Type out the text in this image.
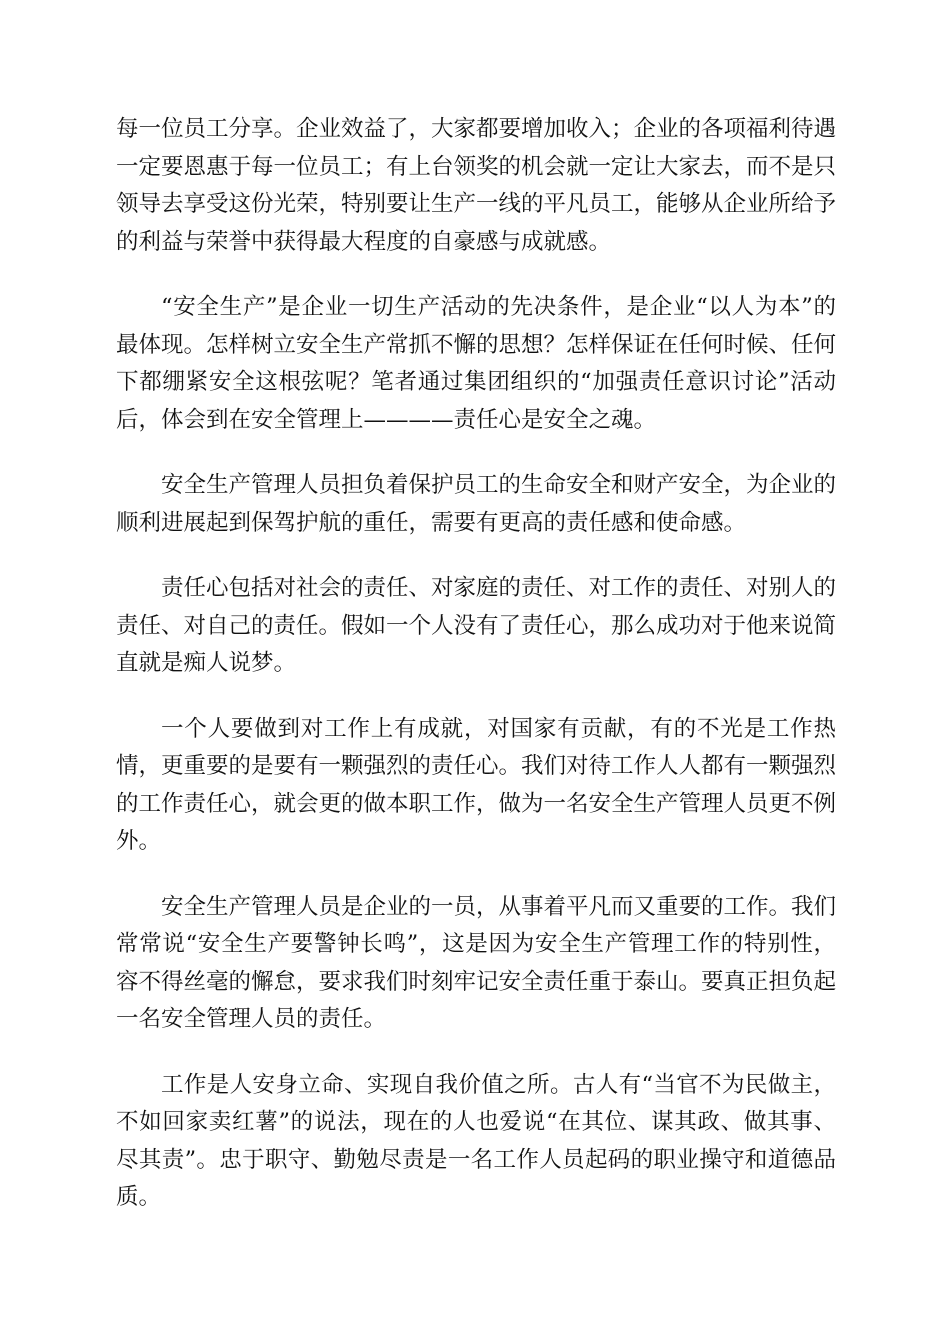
每一位员工分享。企业效益了，大家都要增加收入；企业的各项福利待遇一定要恩惠于每一位员工；有上台领奖的机会就一定让大家去，而不是只领导去享受这份光荣，特别要让生产一线的平凡员工，能够从企业所给予的利益与荣誉中获得最大程度的自豪感与成就感。

“安全生产”是企业一切生产活动的先决条件，是企业“以人为本”的最体现。怎样树立安全生产常抓不懈的思想？怎样保证在任何时候、任何下都绷紧安全这根弦呢？笔者通过集团组织的“加强责任意识讨论”活动后，体会到在安全管理上————责任心是安全之魂。

安全生产管理人员担负着保护员工的生命安全和财产安全，为企业的顺利进展起到保驾护航的重任，需要有更高的责任感和使命感。

责任心包括对社会的责任、对家庭的责任、对工作的责任、对别人的责任、对自己的责任。假如一个人没有了责任心，那么成功对于他来说简直就是痴人说梦。

一个人要做到对工作上有成就，对国家有贡献，有的不光是工作热情，更重要的是要有一颗强烈的责任心。我们对待工作人人都有一颗强烈的工作责任心，就会更的做本职工作，做为一名安全生产管理人员更不例外。

安全生产管理人员是企业的一员，从事着平凡而又重要的工作。我们常常说“安全生产要警钟长鸣”，这是因为安全生产管理工作的特别性，容不得丝毫的懈怠，要求我们时刻牢记安全责任重于泰山。要真正担负起一名安全管理人员的责任。

工作是人安身立命、实现自我价值之所。古人有“当官不为民做主，不如回家卖红薯”的说法，现在的人也爱说“在其位、谋其政、做其事、尽其责”。忠于职守、勤勉尽责是一名工作人员起码的职业操守和道德品质。
